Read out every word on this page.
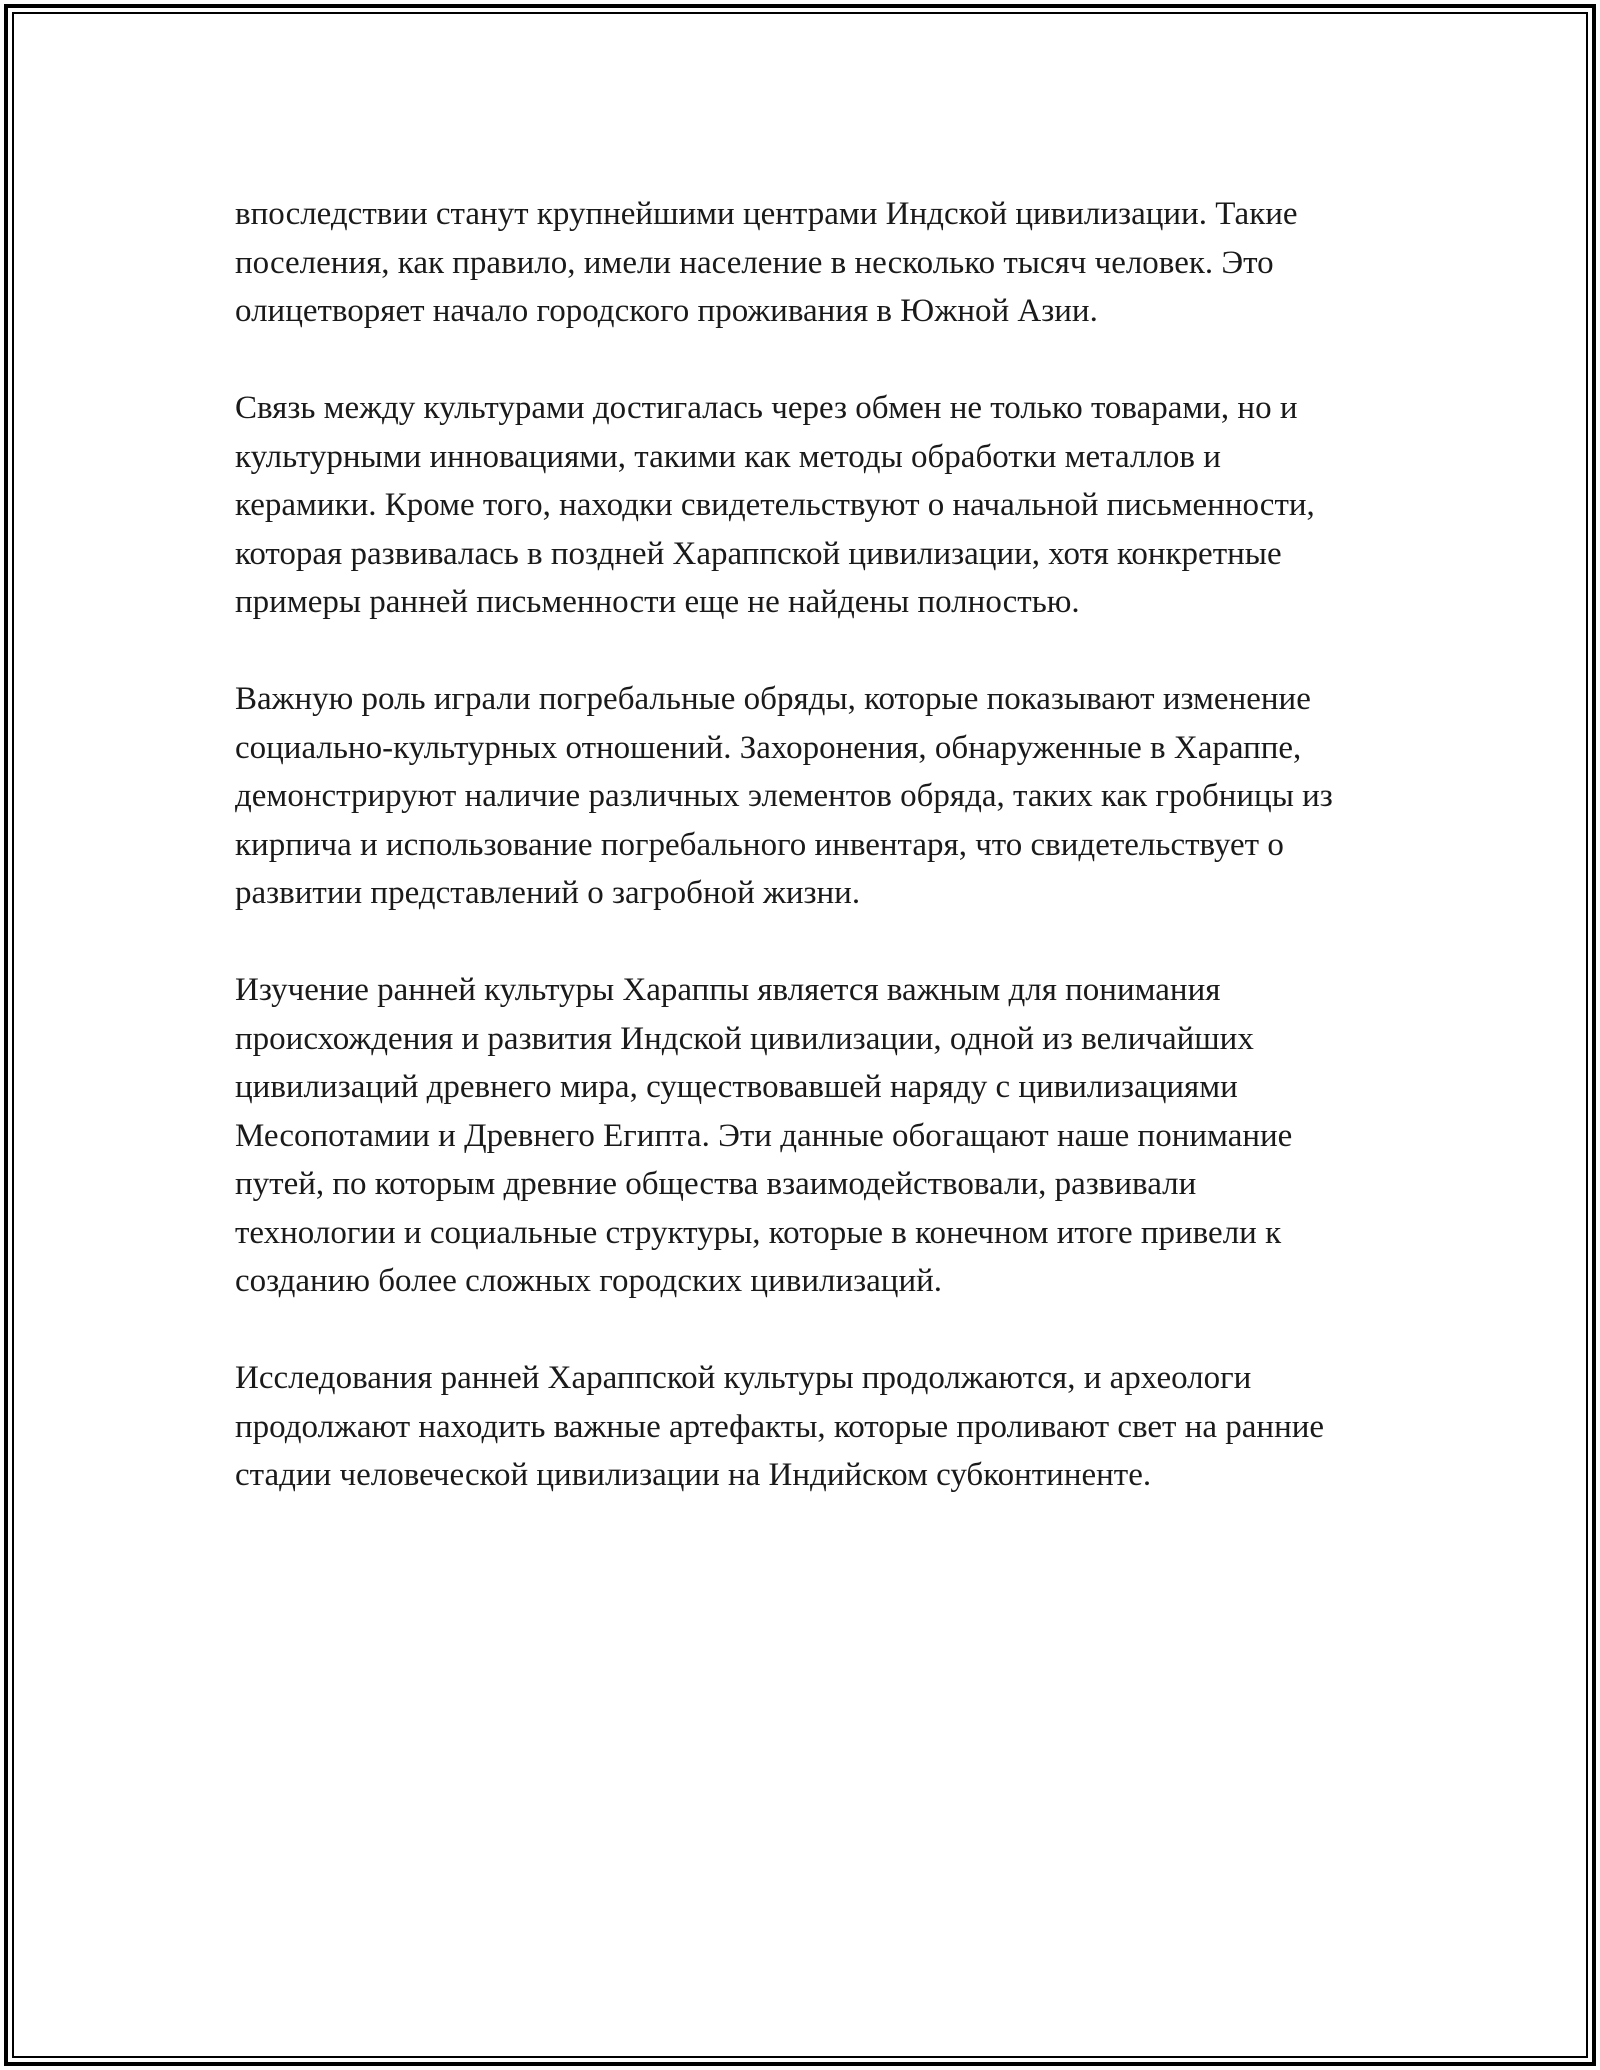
впоследствии станут крупнейшими центрами Индской цивилизации. Такие поселения, как правило, имели население в несколько тысяч человек. Это олицетворяет начало городского проживания в Южной Азии.

Связь между культурами достигалась через обмен не только товарами, но и культурными инновациями, такими как методы обработки металлов и керамики. Кроме того, находки свидетельствуют о начальной письменности, которая развивалась в поздней Хараппской цивилизации, хотя конкретные примеры ранней письменности еще не найдены полностью.

Важную роль играли погребальные обряды, которые показывают изменение социально-культурных отношений. Захоронения, обнаруженные в Хараппе, демонстрируют наличие различных элементов обряда, таких как гробницы из кирпича и использование погребального инвентаря, что свидетельствует о развитии представлений о загробной жизни.

Изучение ранней культуры Хараппы является важным для понимания происхождения и развития Индской цивилизации, одной из величайших цивилизаций древнего мира, существовавшей наряду с цивилизациями Месопотамии и Древнего Египта. Эти данные обогащают наше понимание путей, по которым древние общества взаимодействовали, развивали технологии и социальные структуры, которые в конечном итоге привели к созданию более сложных городских цивилизаций.

Исследования ранней Хараппской культуры продолжаются, и археологи продолжают находить важные артефакты, которые проливают свет на ранние стадии человеческой цивилизации на Индийском субконтиненте.
